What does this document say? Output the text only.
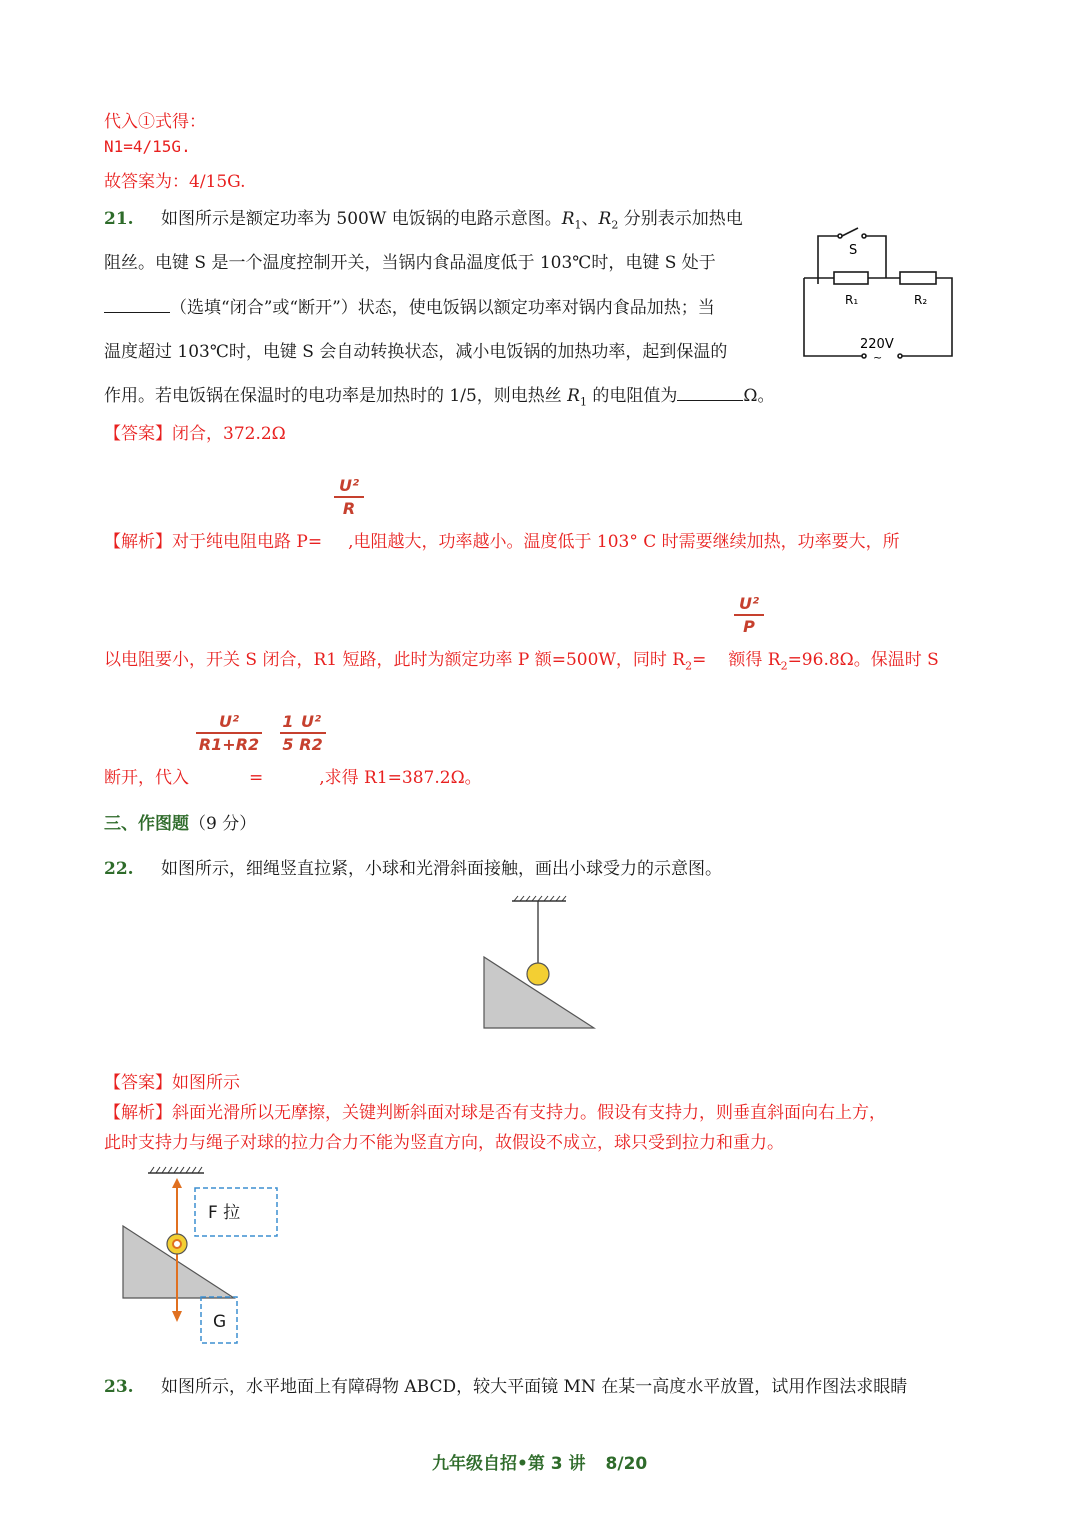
代入①式得：
N1=4/15G.
故答案为：4/15G.
21. 如图所示是额定功率为 500W 电饭锅的电路示意图。$R_1$、$R_2$ 分别表示加热电
阻丝。电键 S 是一个温度控制开关，当锅内食品温度低于 103℃时，电键 S 处于
（选填“闭合”或“断开”）状态，使电饭锅以额定功率对锅内食品加热；当
温度超过 103℃时，电键 S 会自动转换状态，减小电饭锅的加热功率，起到保温的
作用。若电饭锅在保温时的电功率是加热时的 1/5，则电热丝 $R_1$ 的电阻值为	Ω。
S
R₁	R₂
220V
~
【答案】闭合，372.2Ω
$\frac{\text{U²}}{R}$
【解析】对于纯电阻电路 P= ,电阻越大，功率越小。温度低于 103° C 时需要继续加热，功率要大，所
$\frac{\text{U²}}{P}$
以电阻要小，开关 S 闭合，R1 短路，此时为额定功率 P 额=500W，同时 $R_2=$ 额得 $R_2=96.8\Omega$。保温时 S
$\frac{\text{U²}}{R1+R2} \frac{1}{5} \frac{\text{U²}}{R2}$
断开，代入	=	,求得 R1=387.2Ω。
三、作图题（9 分）
22. 如图所示，细绳竖直拉紧，小球和光滑斜面接触，画出小球受力的示意图。
【答案】如图所示
【解析】斜面光滑所以无摩擦，关键判断斜面对球是否有支持力。假设有支持力，则垂直斜面向右上方，
此时支持力与绳子对球的拉力合力不能为竖直方向，故假设不成立，球只受到拉力和重力。
F 拉
G
23. 如图所示，水平地面上有障碍物 ABCD，较大平面镜 MN 在某一高度水平放置，试用作图法求眼睛
九年级自招•第 3 讲 8/20
